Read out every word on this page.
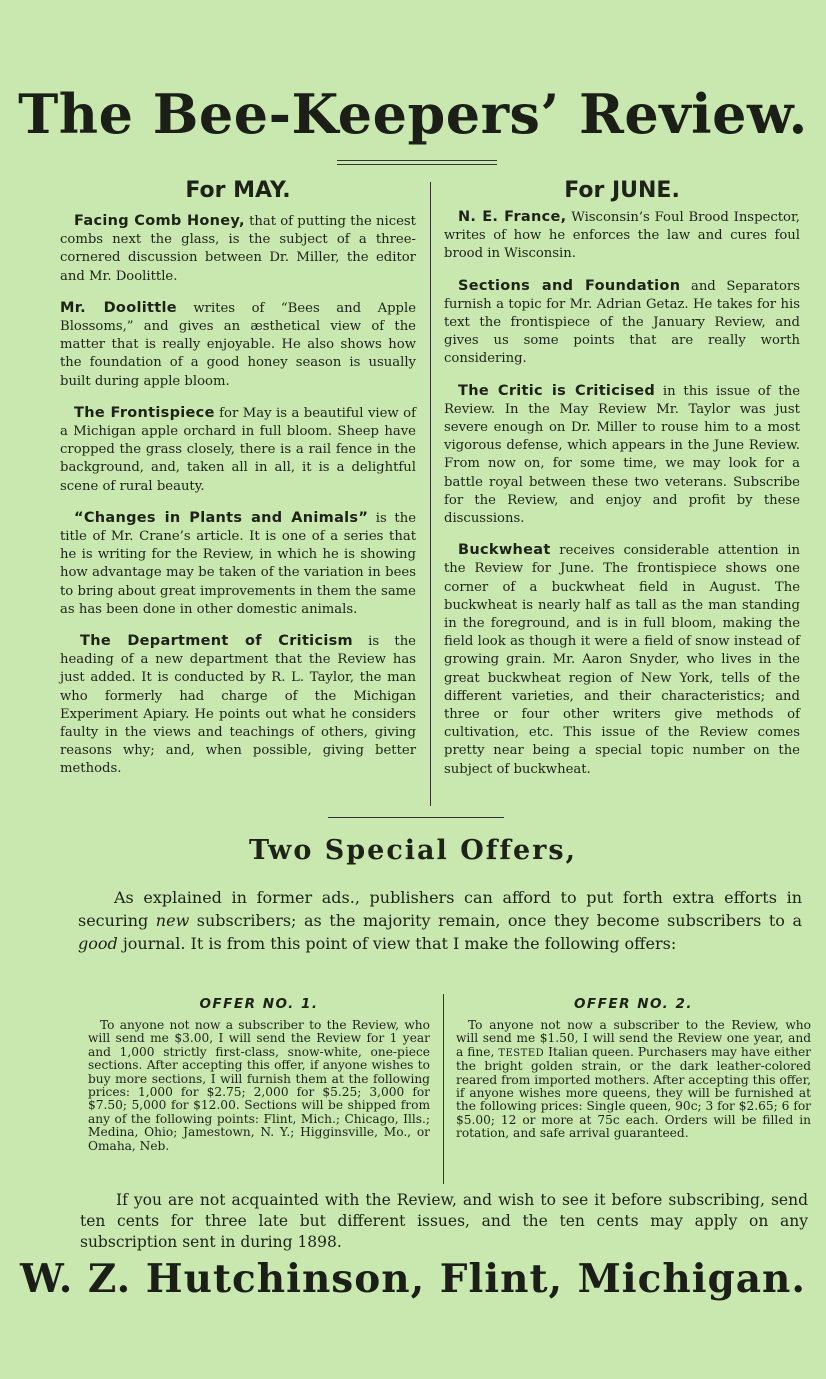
The Bee-Keepers’ Review.
For MAY.

Facing Comb Honey, that of putting the nicest combs next the glass, is the subject of a three-cornered discussion between Dr. Miller, the editor and Mr. Doolittle.

Mr. Doolittle writes of “Bees and Apple Blossoms,” and gives an æsthetical view of the matter that is really enjoyable. He also shows how the foundation of a good honey season is usually built during apple bloom.

The Frontispiece for May is a beautiful view of a Michigan apple orchard in full bloom. Sheep have cropped the grass closely, there is a rail fence in the background, and, taken all in all, it is a delightful scene of rural beauty.

“Changes in Plants and Animals” is the title of Mr. Crane’s article. It is one of a series that he is writing for the Review, in which he is showing how advantage may be taken of the variation in bees to bring about great improvements in them the same as has been done in other domestic animals.

The Department of Criticism is the heading of a new department that the Review has just added. It is conducted by R. L. Taylor, the man who formerly had charge of the Michigan Experiment Apiary. He points out what he considers faulty in the views and teachings of others, giving reasons why; and, when possible, giving better methods.

For JUNE.

N. E. France, Wisconsin’s Foul Brood Inspector, writes of how he enforces the law and cures foul brood in Wisconsin.

Sections and Foundation and Separators furnish a topic for Mr. Adrian Getaz. He takes for his text the frontispiece of the January Review, and gives us some points that are really worth considering.

The Critic is Criticised in this issue of the Review. In the May Review Mr. Taylor was just severe enough on Dr. Miller to rouse him to a most vigorous defense, which appears in the June Review. From now on, for some time, we may look for a battle royal between these two veterans. Subscribe for the Review, and enjoy and profit by these discussions.

Buckwheat receives considerable attention in the Review for June. The frontispiece shows one corner of a buckwheat field in August. The buckwheat is nearly half as tall as the man standing in the foreground, and is in full bloom, making the field look as though it were a field of snow instead of growing grain. Mr. Aaron Snyder, who lives in the great buckwheat region of New York, tells of the different varieties, and their characteristics; and three or four other writers give methods of cultivation, etc. This issue of the Review comes pretty near being a special topic number on the subject of buckwheat.

Two Special Offers,

As explained in former ads., publishers can afford to put forth extra efforts in securing new subscribers; as the majority remain, once they become subscribers to a good journal. It is from this point of view that I make the following offers:

OFFER NO. 1.

To anyone not now a subscriber to the Review, who will send me $3.00, I will send the Review for 1 year and 1,000 strictly first-class, snow-white, one-piece sections. After accepting this offer, if anyone wishes to buy more sections, I will furnish them at the following prices: 1,000 for $2.75; 2,000 for $5.25; 3,000 for $7.50; 5,000 for $12.00. Sections will be shipped from any of the following points: Flint, Mich.; Chicago, Ills.; Medina, Ohio; Jamestown, N. Y.; Higginsville, Mo., or Omaha, Neb.

OFFER NO. 2.

To anyone not now a subscriber to the Review, who will send me $1.50, I will send the Review one year, and a fine, TESTED Italian queen. Purchasers may have either the bright golden strain, or the dark leather-colored reared from imported mothers. After accepting this offer, if anyone wishes more queens, they will be furnished at the following prices: Single queen, 90c; 3 for $2.65; 6 for $5.00; 12 or more at 75c each. Orders will be filled in rotation, and safe arrival guaranteed.

If you are not acquainted with the Review, and wish to see it before subscribing, send ten cents for three late but different issues, and the ten cents may apply on any subscription sent in during 1898.

W. Z. Hutchinson, Flint, Michigan.
